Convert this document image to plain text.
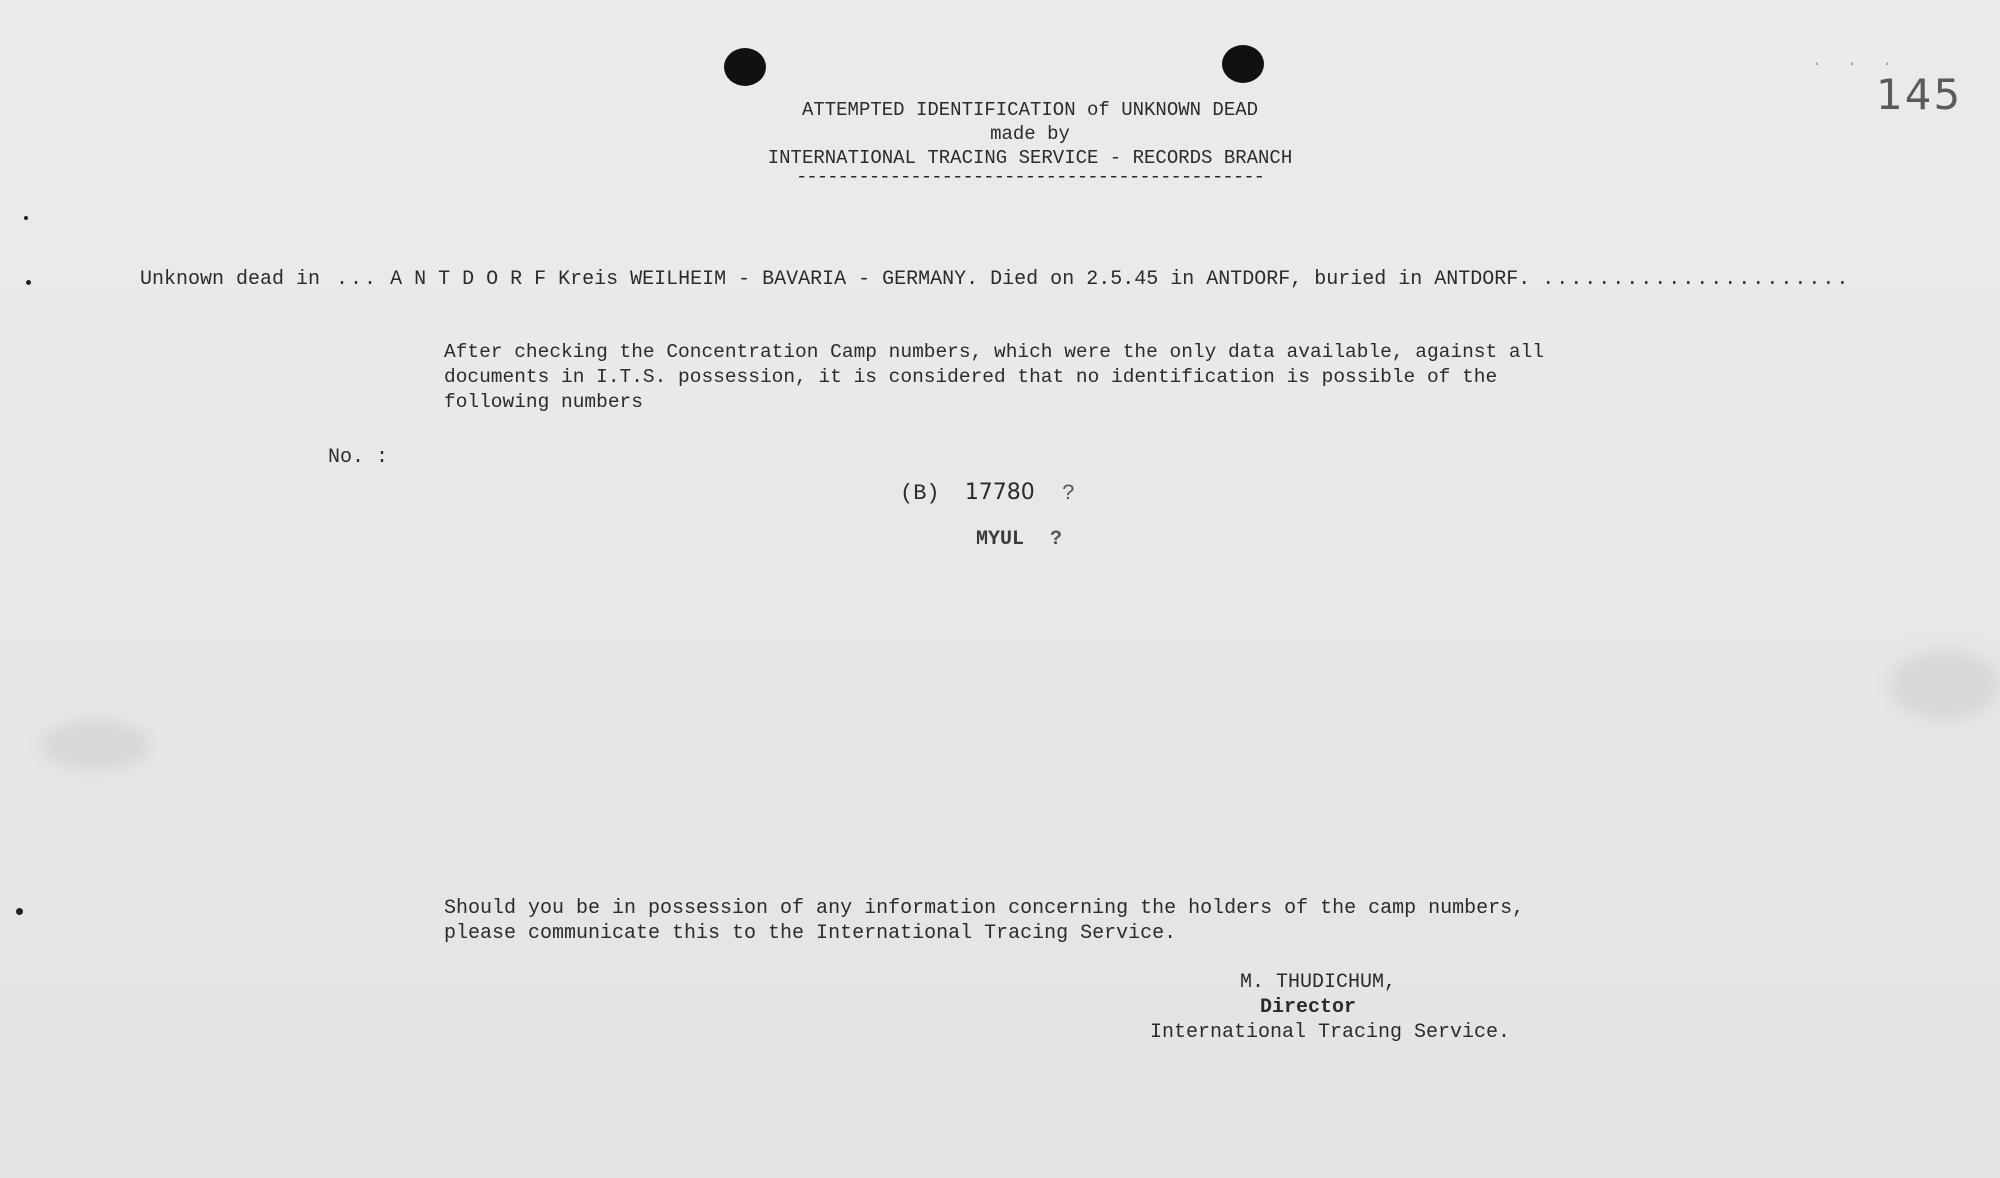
. . .
145
ATTEMPTED IDENTIFICATION of UNKNOWN DEAD
made by
INTERNATIONAL TRACING SERVICE - RECORDS BRANCH
---------------------------------------------
Unknown dead in ... A N T D O R F Kreis WEILHEIM - BAVARIA - GERMANY. Died on 2.5.45 in ANTDORF, buried in ANTDORF. ......................
After checking the Concentration Camp numbers, which were the only data available, against all
documents in I.T.S. possession, it is considered that no identification is possible of the
following numbers
No. :
(B) 17780 ?
MYUL ?
Should you be in possession of any information concerning the holders of the camp numbers,
please communicate this to the International Tracing Service.
M. THUDICHUM,
Director
International Tracing Service.
